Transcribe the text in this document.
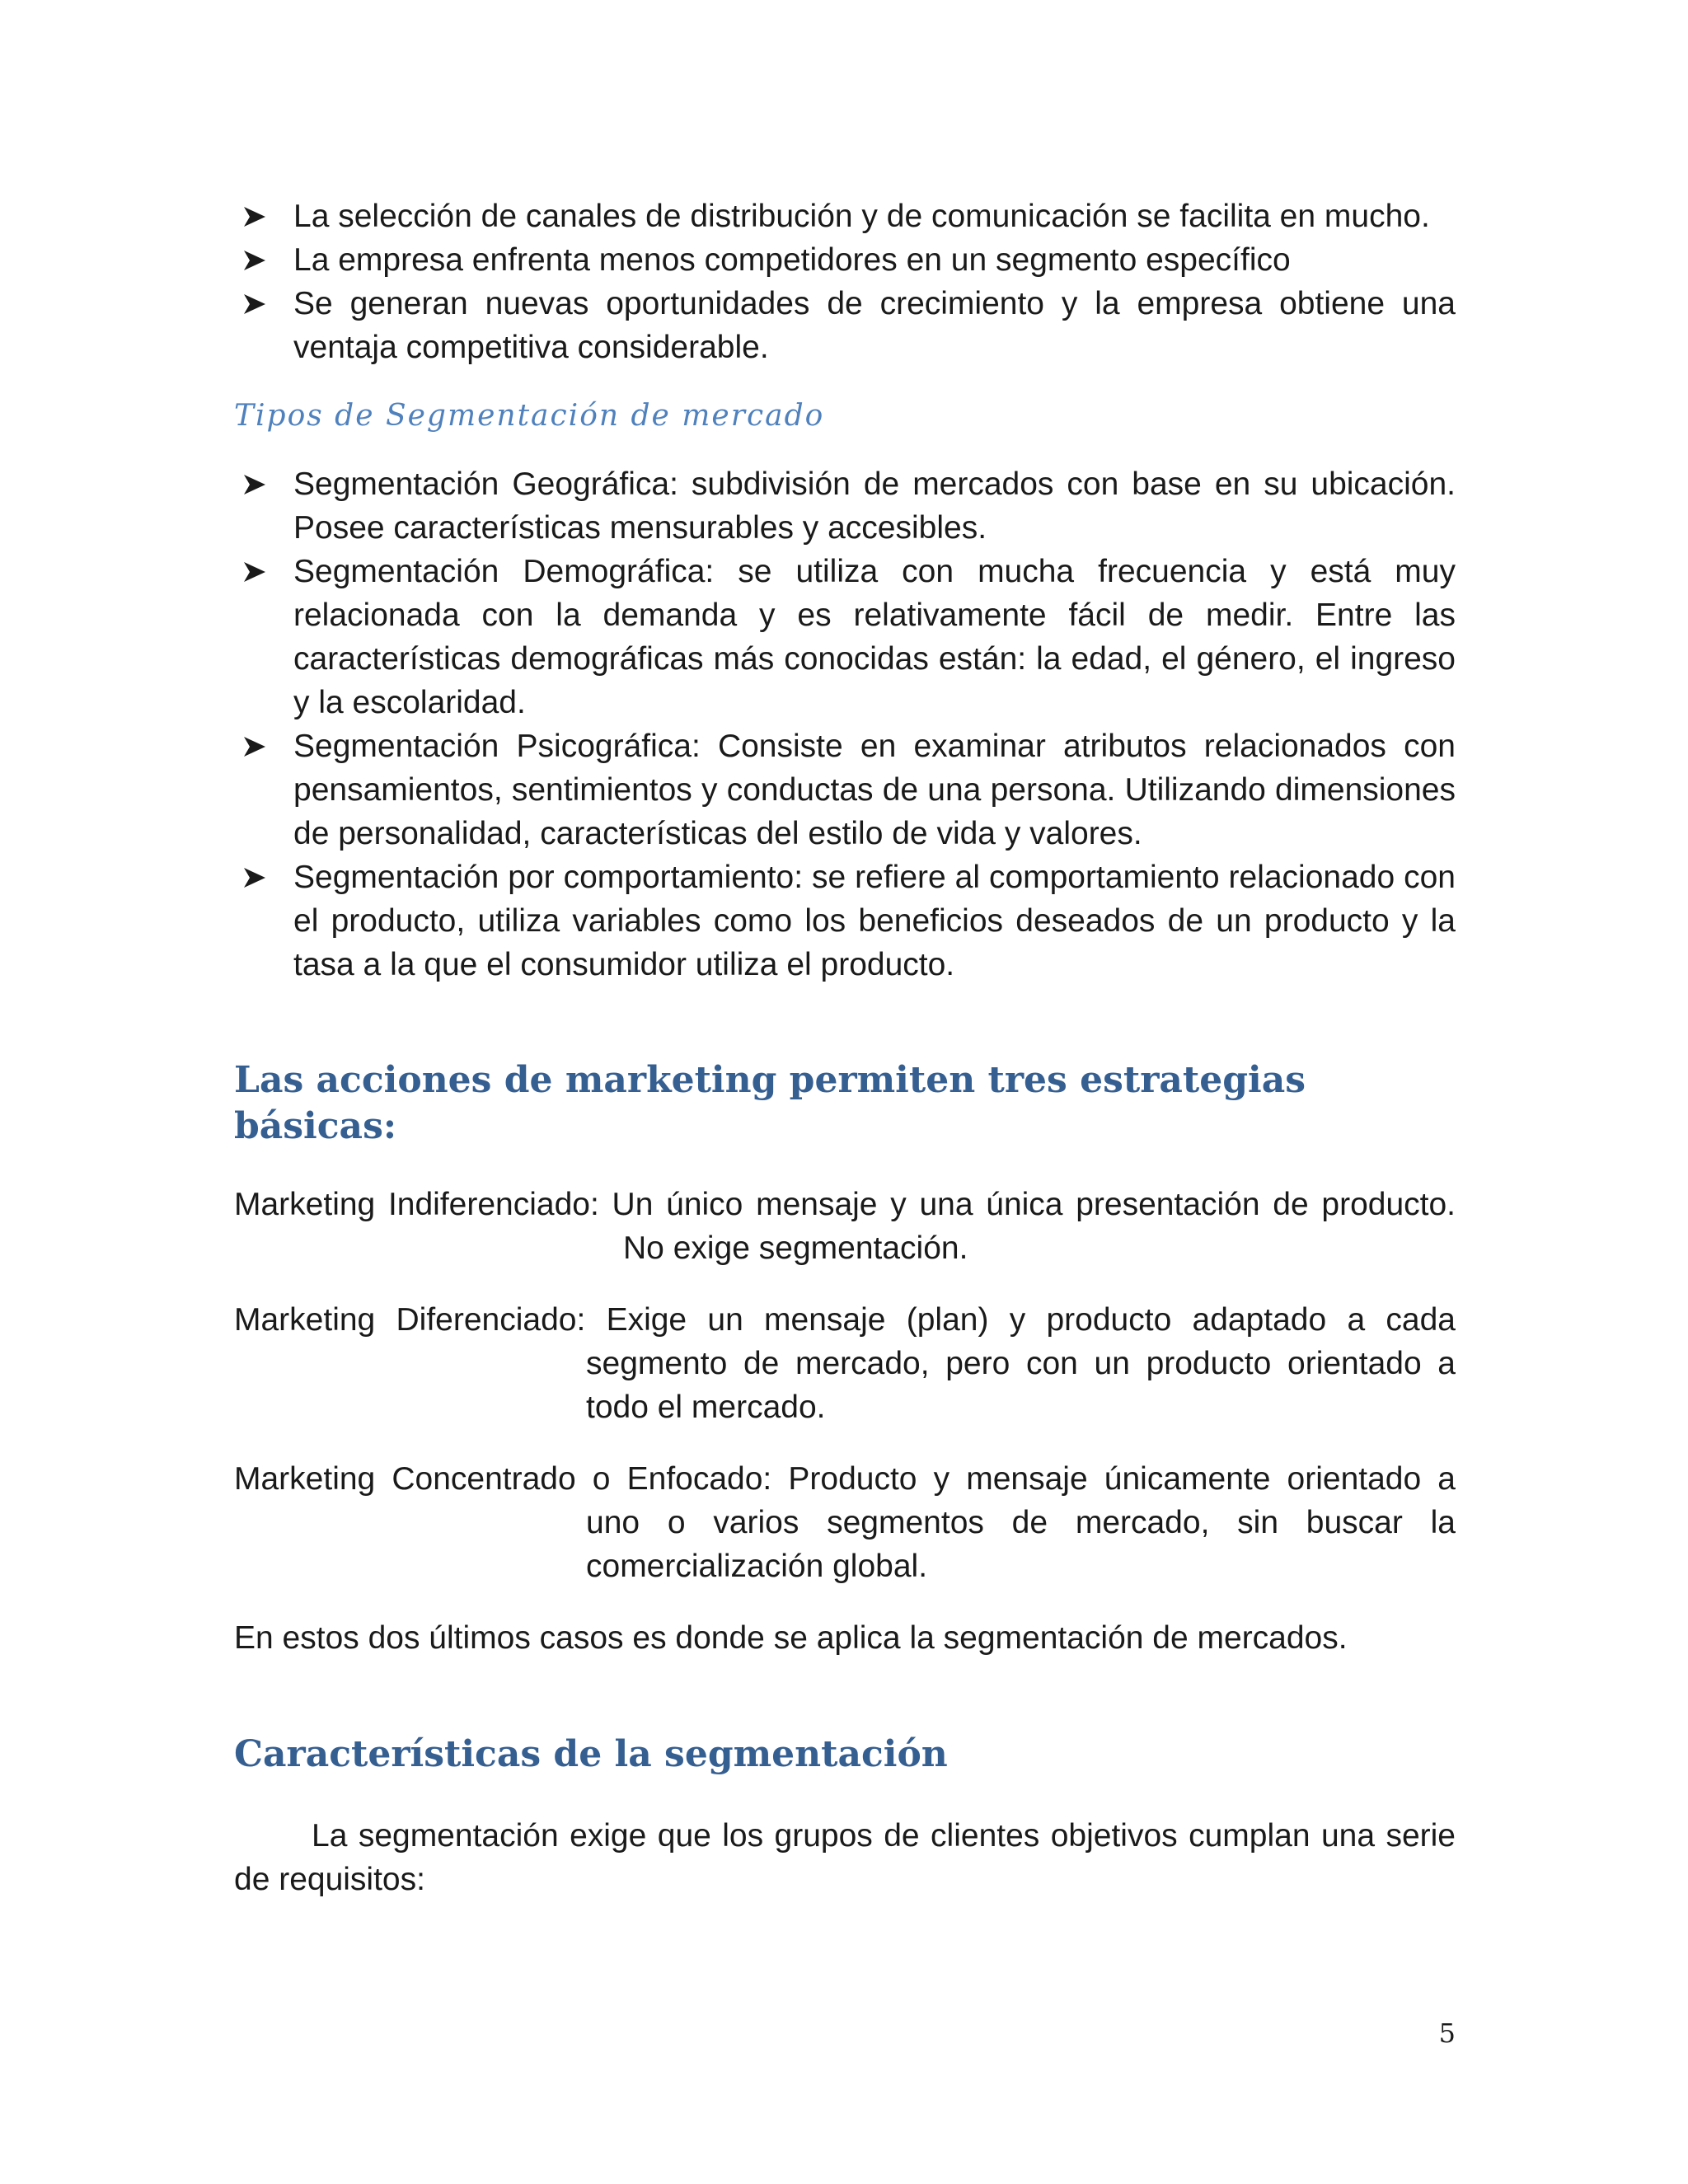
La selección de canales de distribución y de comunicación se facilita en mucho.
La empresa enfrenta menos competidores en un segmento específico
Se generan nuevas oportunidades de crecimiento y la empresa obtiene una ventaja competitiva considerable.
Tipos de Segmentación de mercado
Segmentación Geográfica: subdivisión de mercados con base en su ubicación. Posee características mensurables y accesibles.
Segmentación Demográfica: se utiliza con mucha frecuencia y está muy relacionada con la demanda y es relativamente fácil de medir. Entre las características demográficas más conocidas están: la edad, el género, el ingreso y la escolaridad.
Segmentación Psicográfica: Consiste en examinar atributos relacionados con pensamientos, sentimientos y conductas de una persona. Utilizando dimensiones de personalidad, características del estilo de vida y valores.
Segmentación por comportamiento: se refiere al comportamiento relacionado con el producto, utiliza variables como los beneficios deseados de un producto y la tasa a la que el consumidor utiliza el producto.
Las acciones de marketing permiten tres estrategias básicas:
Marketing Indiferenciado: Un único mensaje y una única presentación de producto.
No exige segmentación.
Marketing Diferenciado: Exige un mensaje (plan) y producto adaptado a cada
segmento de mercado, pero con un producto orientado a todo el mercado.
Marketing Concentrado o Enfocado: Producto y mensaje únicamente orientado a
uno o varios segmentos de mercado, sin buscar la comercialización global.

En estos dos últimos casos es donde se aplica la segmentación de mercados.

Características de la segmentación

La segmentación exige que los grupos de clientes objetivos cumplan una serie de requisitos:

5
